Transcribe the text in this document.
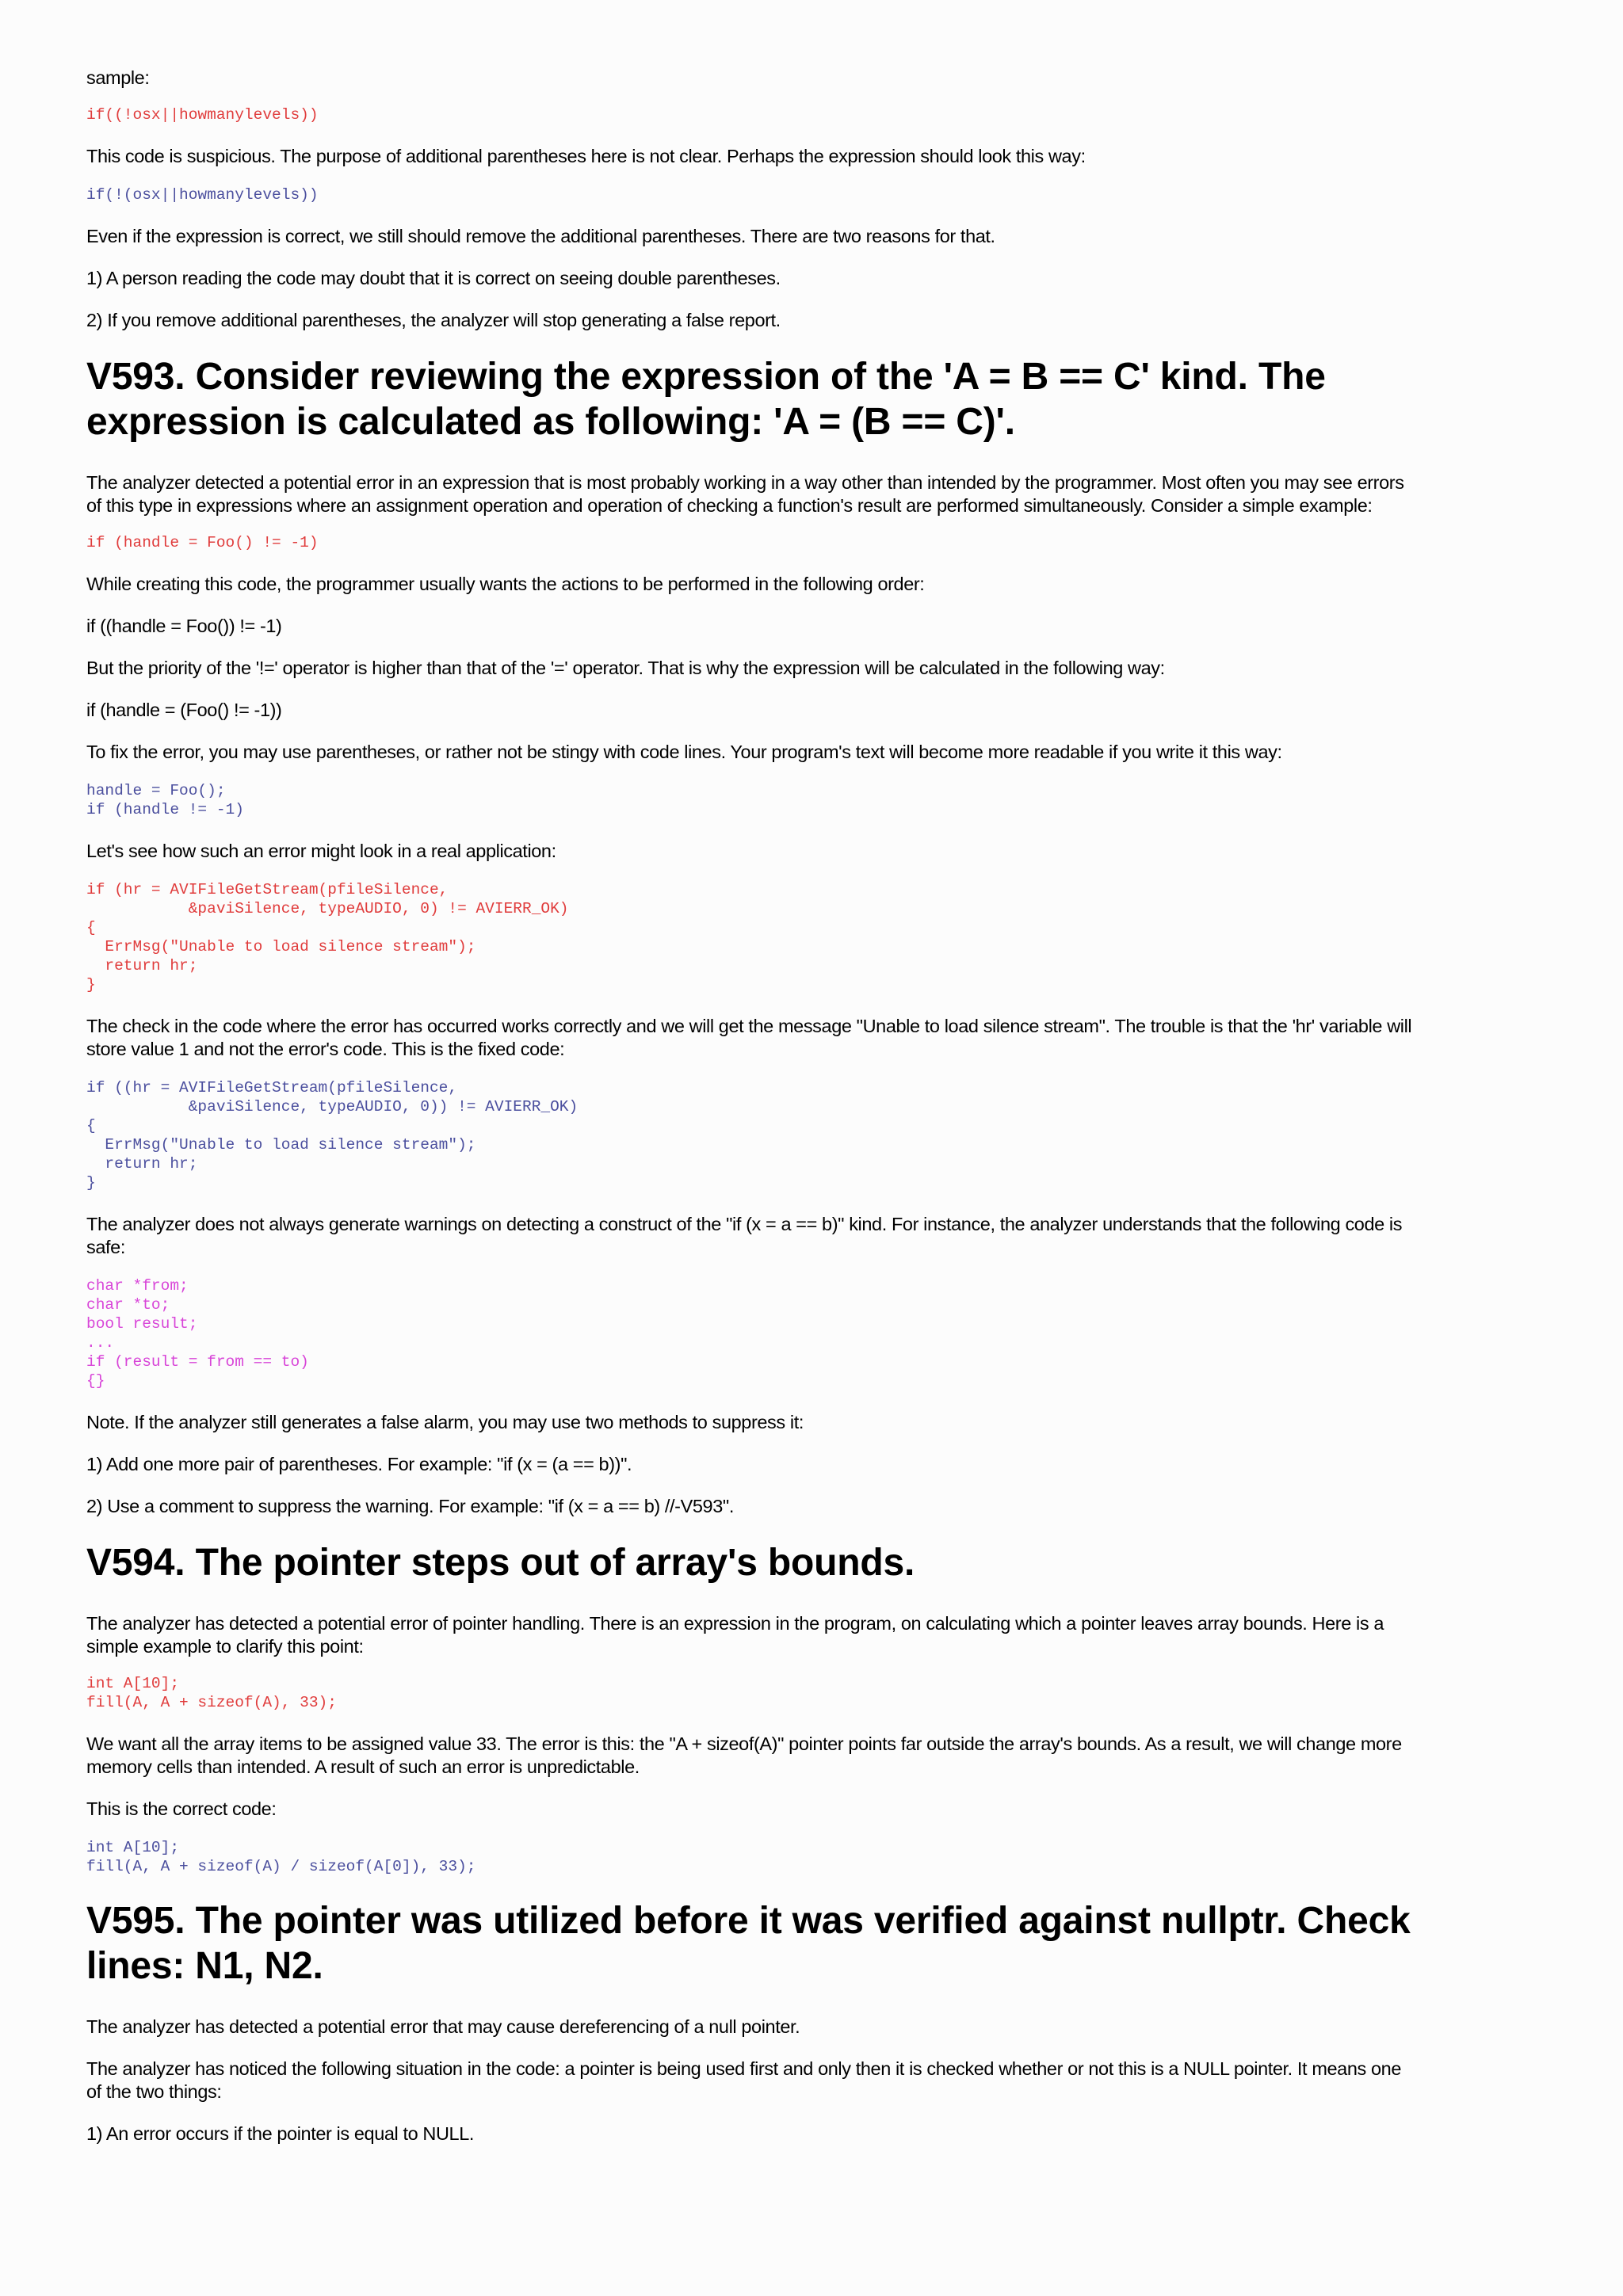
sample:

if((!osx||howmanylevels))

This code is suspicious. The purpose of additional parentheses here is not clear. Perhaps the expression should look this way:

if(!(osx||howmanylevels))

Even if the expression is correct, we still should remove the additional parentheses. There are two reasons for that.

1) A person reading the code may doubt that it is correct on seeing double parentheses.

2) If you remove additional parentheses, the analyzer will stop generating a false report.

V593. Consider reviewing the expression of the 'A = B == C' kind. The expression is calculated as following: 'A = (B == C)'.

The analyzer detected a potential error in an expression that is most probably working in a way other than intended by the programmer. Most often you may see errors of this type in expressions where an assignment operation and operation of checking a function's result are performed simultaneously. Consider a simple example:

if (handle = Foo() != -1)

While creating this code, the programmer usually wants the actions to be performed in the following order:

if ((handle = Foo()) != -1)

But the priority of the '!=' operator is higher than that of the '=' operator. That is why the expression will be calculated in the following way:

if (handle = (Foo() != -1))

To fix the error, you may use parentheses, or rather not be stingy with code lines. Your program's text will become more readable if you write it this way:

handle = Foo();
if (handle != -1)

Let's see how such an error might look in a real application:

if (hr = AVIFileGetStream(pfileSilence,
&paviSilence, typeAUDIO, 0) != AVIERR_OK)
{
ErrMsg("Unable to load silence stream");
return hr;
}

The check in the code where the error has occurred works correctly and we will get the message "Unable to load silence stream". The trouble is that the 'hr' variable will store value 1 and not the error's code. This is the fixed code:

if ((hr = AVIFileGetStream(pfileSilence,
&paviSilence, typeAUDIO, 0)) != AVIERR_OK)
{
ErrMsg("Unable to load silence stream");
return hr;
}

The analyzer does not always generate warnings on detecting a construct of the "if (x = a == b)" kind. For instance, the analyzer understands that the following code is safe:

char *from;
char *to;
bool result;
...
if (result = from == to)
{}

Note. If the analyzer still generates a false alarm, you may use two methods to suppress it:

1) Add one more pair of parentheses. For example: "if (x = (a == b))".

2) Use a comment to suppress the warning. For example: "if (x = a == b) //-V593".

V594. The pointer steps out of array's bounds.

The analyzer has detected a potential error of pointer handling. There is an expression in the program, on calculating which a pointer leaves array bounds. Here is a simple example to clarify this point:

int A[10];
fill(A, A + sizeof(A), 33);

We want all the array items to be assigned value 33. The error is this: the "A + sizeof(A)" pointer points far outside the array's bounds. As a result, we will change more memory cells than intended. A result of such an error is unpredictable.

This is the correct code:

int A[10];
fill(A, A + sizeof(A) / sizeof(A[0]), 33);
V595. The pointer was utilized before it was verified against nullptr. Check lines: N1, N2.

The analyzer has detected a potential error that may cause dereferencing of a null pointer.

The analyzer has noticed the following situation in the code: a pointer is being used first and only then it is checked whether or not this is a NULL pointer. It means one of the two things:

1) An error occurs if the pointer is equal to NULL.
